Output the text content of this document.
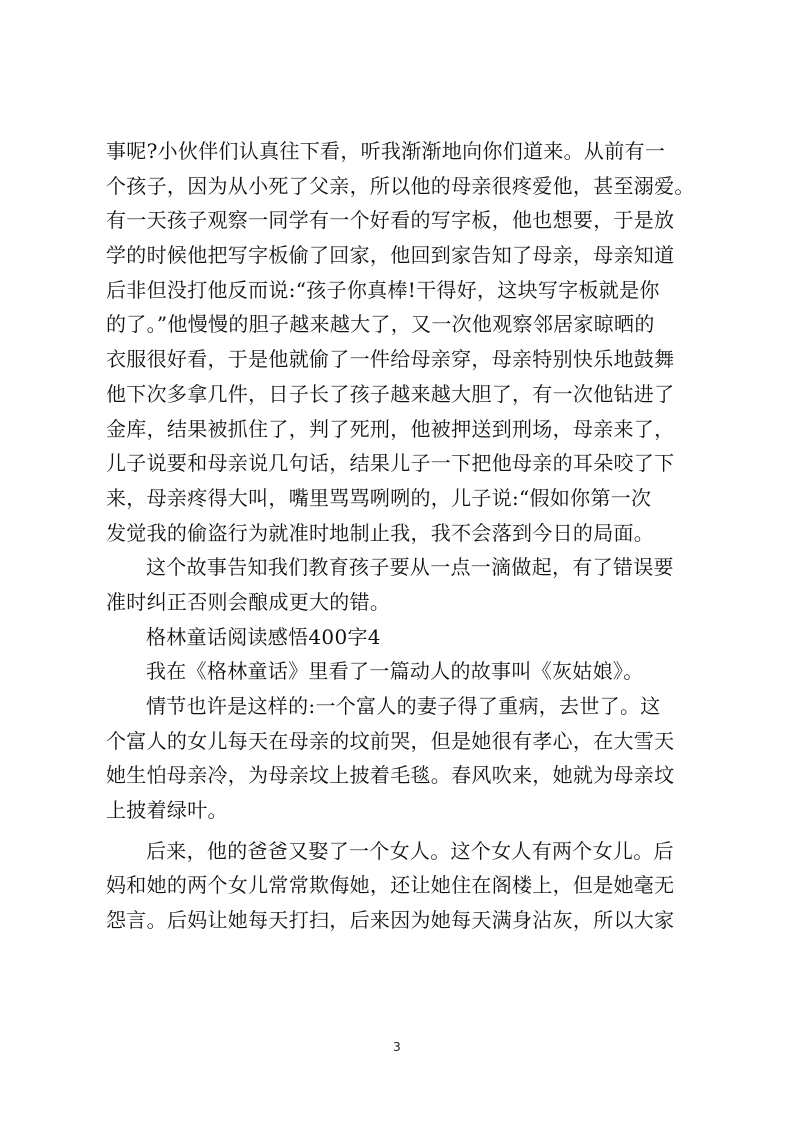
事呢?小伙伴们认真往下看，听我渐渐地向你们道来。从前有一
个孩子，因为从小死了父亲，所以他的母亲很疼爱他，甚至溺爱。
有一天孩子观察一同学有一个好看的写字板，他也想要，于是放
学的时候他把写字板偷了回家，他回到家告知了母亲，母亲知道
后非但没打他反而说:“孩子你真棒!干得好，这块写字板就是你
的了。”他慢慢的胆子越来越大了，又一次他观察邻居家晾晒的
衣服很好看，于是他就偷了一件给母亲穿，母亲特别快乐地鼓舞
他下次多拿几件，日子长了孩子越来越大胆了，有一次他钻进了
金库，结果被抓住了，判了死刑，他被押送到刑场，母亲来了，
儿子说要和母亲说几句话，结果儿子一下把他母亲的耳朵咬了下
来，母亲疼得大叫，嘴里骂骂咧咧的，儿子说:“假如你第一次
发觉我的偷盗行为就准时地制止我，我不会落到今日的局面。
这个故事告知我们教育孩子要从一点一滴做起，有了错误要
准时纠正否则会酿成更大的错。
格林童话阅读感悟400字4
我在《格林童话》里看了一篇动人的故事叫《灰姑娘》。
情节也许是这样的:一个富人的妻子得了重病，去世了。这
个富人的女儿每天在母亲的坟前哭，但是她很有孝心，在大雪天
她生怕母亲冷，为母亲坟上披着毛毯。春风吹来，她就为母亲坟
上披着绿叶。
后来，他的爸爸又娶了一个女人。这个女人有两个女儿。后
妈和她的两个女儿常常欺侮她，还让她住在阁楼上，但是她毫无
怨言。后妈让她每天打扫，后来因为她每天满身沾灰，所以大家
3
